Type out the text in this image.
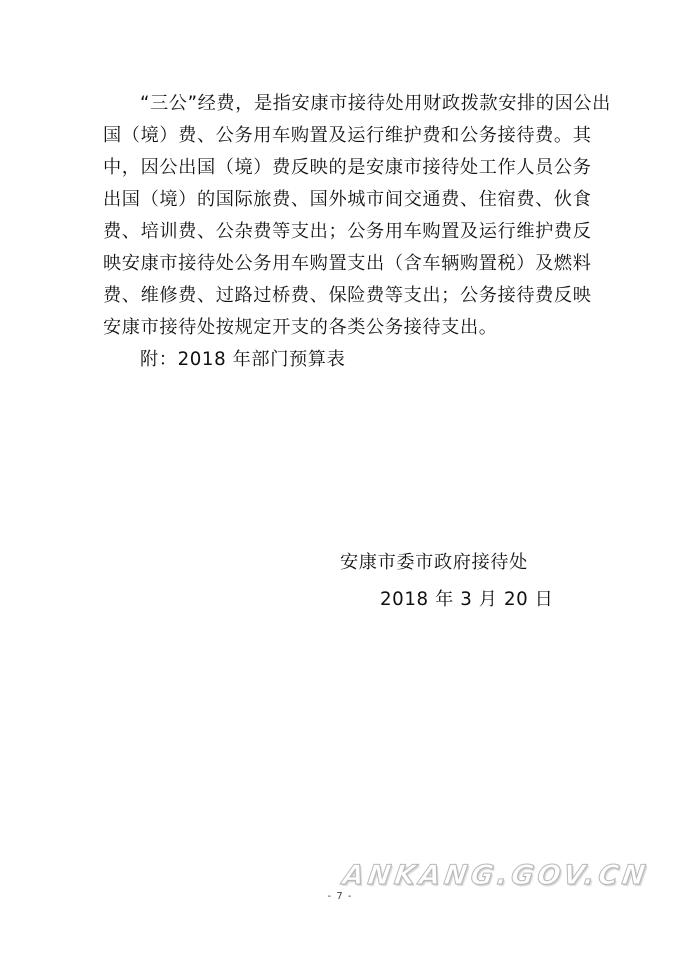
“三公”经费，是指安康市接待处用财政拨款安排的因公出
国（境）费、公务用车购置及运行维护费和公务接待费。其
中，因公出国（境）费反映的是安康市接待处工作人员公务
出国（境）的国际旅费、国外城市间交通费、住宿费、伙食
费、培训费、公杂费等支出；公务用车购置及运行维护费反
映安康市接待处公务用车购置支出（含车辆购置税）及燃料
费、维修费、过路过桥费、保险费等支出；公务接待费反映
安康市接待处按规定开支的各类公务接待支出。
附：2018 年部门预算表
安康市委市政府接待处
2018 年 3 月 20 日
ANKANG.GOV.CN
- 7 -
